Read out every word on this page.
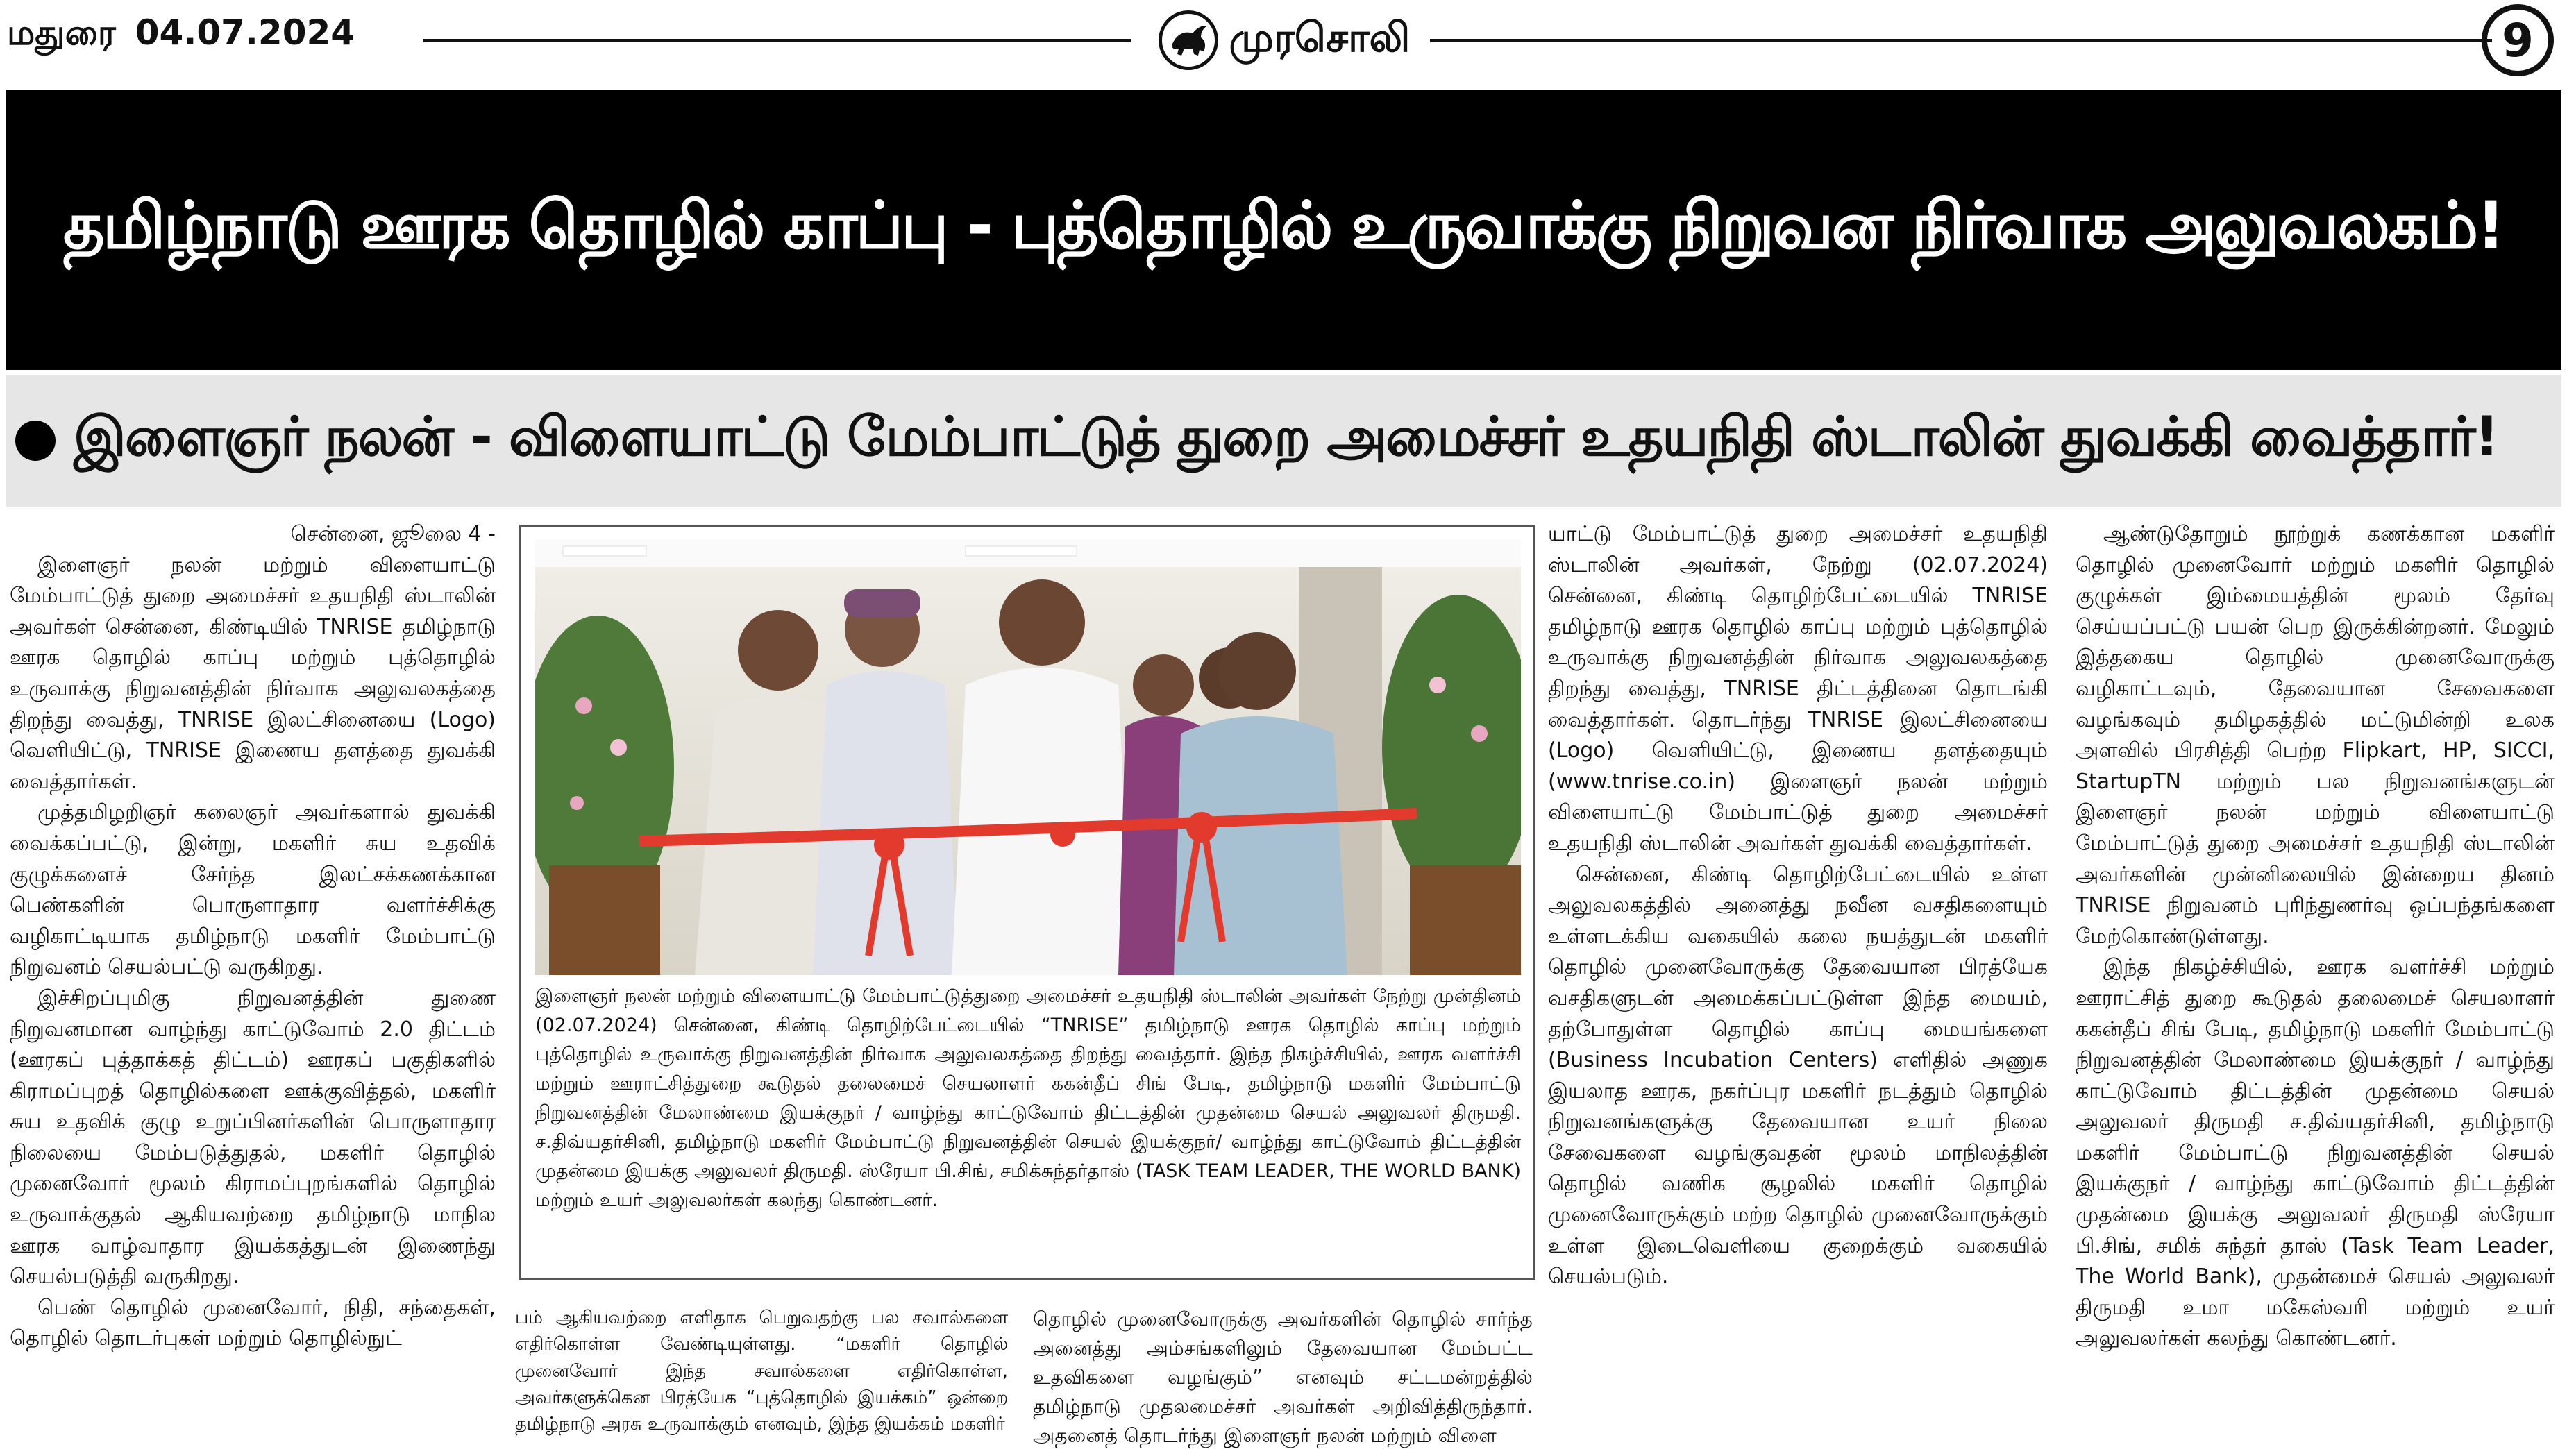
மதுரை 04.07.2024	முரசொலி	9
தமிழ்நாடு ஊரக தொழில் காப்பு - புத்தொழில் உருவாக்கு நிறுவன நிர்வாக அலுவலகம்!
இளைஞர் நலன் - விளையாட்டு மேம்பாட்டுத் துறை அமைச்சர் உதயநிதி ஸ்டாலின் துவக்கி வைத்தார்!

சென்னை, ஜூலை 4 -

இளைஞர் நலன் மற்றும் விளையாட்டு மேம்பாட்டுத் துறை அமைச்சர் உதயநிதி ஸ்டாலின் அவர்கள் சென்னை, கிண்டியில் TNRISE தமிழ்நாடு ஊரக தொழில் காப்பு மற்றும் புத்தொழில் உருவாக்கு நிறுவனத்தின் நிர்வாக அலுவலகத்தை திறந்து வைத்து, TNRISE இலட்சினையை (Logo) வெளியிட்டு, TNRISE இணைய தளத்தை துவக்கி வைத்தார்கள்.

முத்தமிழறிஞர் கலைஞர் அவர்களால் துவக்கி வைக்கப்பட்டு, இன்று, மகளிர் சுய உதவிக் குழுக்களைச் சேர்ந்த இலட்சக்கணக்கான பெண்களின் பொருளாதார வளர்ச்சிக்கு வழிகாட்டியாக தமிழ்நாடு மகளிர் மேம்பாட்டு நிறுவனம் செயல்பட்டு வருகிறது.

இச்சிறப்புமிகு நிறுவனத்தின் துணை நிறுவனமான வாழ்ந்து காட்டுவோம் 2.0 திட்டம் (ஊரகப் புத்தாக்கத் திட்டம்) ஊரகப் பகுதிகளில் கிராமப்புறத் தொழில்களை ஊக்குவித்தல், மகளிர் சுய உதவிக் குழு உறுப்பினர்களின் பொருளாதார நிலையை மேம்படுத்துதல், மகளிர் தொழில் முனைவோர் மூலம் கிராமப்புறங்களில் தொழில் உருவாக்குதல் ஆகியவற்றை தமிழ்நாடு மாநில ஊரக வாழ்வாதார இயக்கத்துடன் இணைந்து செயல்படுத்தி வருகிறது.

பெண் தொழில் முனைவோர், நிதி, சந்தைகள், தொழில் தொடர்புகள் மற்றும் தொழில்நுட்

இளைஞர் நலன் மற்றும் விளையாட்டு மேம்பாட்டுத்துறை அமைச்சர் உதயநிதி ஸ்டாலின் அவர்கள் நேற்று முன்தினம் (02.07.2024) சென்னை, கிண்டி தொழிற்பேட்டையில் “TNRISE” தமிழ்நாடு ஊரக தொழில் காப்பு மற்றும் புத்தொழில் உருவாக்கு நிறுவனத்தின் நிர்வாக அலுவலகத்தை திறந்து வைத்தார். இந்த நிகழ்ச்சியில், ஊரக வளர்ச்சி மற்றும் ஊராட்சித்துறை கூடுதல் தலைமைச் செயலாளர் ககன்தீப் சிங் பேடி, தமிழ்நாடு மகளிர் மேம்பாட்டு நிறுவனத்தின் மேலாண்மை இயக்குநர் / வாழ்ந்து காட்டுவோம் திட்டத்தின் முதன்மை செயல் அலுவலர் திருமதி. ச.திவ்யதர்சினி, தமிழ்நாடு மகளிர் மேம்பாட்டு நிறுவனத்தின் செயல் இயக்குநர்/ வாழ்ந்து காட்டுவோம் திட்டத்தின் முதன்மை இயக்கு அலுவலர் திருமதி. ஸ்ரேயா பி.சிங், சமிக்சுந்தர்தாஸ் (TASK TEAM LEADER, THE WORLD BANK) மற்றும் உயர் அலுவலர்கள் கலந்து கொண்டனர்.

பம் ஆகியவற்றை எளிதாக பெறுவதற்கு பல சவால்களை எதிர்கொள்ள வேண்டியுள்ளது. “மகளிர் தொழில் முனைவோர் இந்த சவால்களை எதிர்கொள்ள, அவர்களுக்கென பிரத்யேக “புத்தொழில் இயக்கம்” ஒன்றை தமிழ்நாடு அரசு உருவாக்கும் எனவும், இந்த இயக்கம் மகளிர்

தொழில் முனைவோருக்கு அவர்களின் தொழில் சார்ந்த அனைத்து அம்சங்களிலும் தேவையான மேம்பட்ட உதவிகளை வழங்கும்” எனவும் சட்டமன்றத்தில் தமிழ்நாடு முதலமைச்சர் அவர்கள் அறிவித்திருந்தார். அதனைத் தொடர்ந்து இளைஞர் நலன் மற்றும் விளை

யாட்டு மேம்பாட்டுத் துறை அமைச்சர் உதயநிதி ஸ்டாலின் அவர்கள், நேற்று (02.07.2024) சென்னை, கிண்டி தொழிற்பேட்டையில் TNRISE தமிழ்நாடு ஊரக தொழில் காப்பு மற்றும் புத்தொழில் உருவாக்கு நிறுவனத்தின் நிர்வாக அலுவலகத்தை திறந்து வைத்து, TNRISE திட்டத்தினை தொடங்கி வைத்தார்கள். தொடர்ந்து TNRISE இலட்சினையை (Logo) வெளியிட்டு, இணைய தளத்தையும் (www.tnrise.co.in) இளைஞர் நலன் மற்றும் விளையாட்டு மேம்பாட்டுத் துறை அமைச்சர் உதயநிதி ஸ்டாலின் அவர்கள் துவக்கி வைத்தார்கள்.

சென்னை, கிண்டி தொழிற்பேட்டையில் உள்ள அலுவலகத்தில் அனைத்து நவீன வசதிகளையும் உள்ளடக்கிய வகையில் கலை நயத்துடன் மகளிர் தொழில் முனைவோருக்கு தேவையான பிரத்யேக வசதிகளுடன் அமைக்கப்பட்டுள்ள இந்த மையம், தற்போதுள்ள தொழில் காப்பு மையங்களை (Business Incubation Centers) எளிதில் அணுக இயலாத ஊரக, நகர்ப்புர மகளிர் நடத்தும் தொழில் நிறுவனங்களுக்கு தேவையான உயர் நிலை சேவைகளை வழங்குவதன் மூலம் மாநிலத்தின் தொழில் வணிக சூழலில் மகளிர் தொழில் முனைவோருக்கும் மற்ற தொழில் முனைவோருக்கும் உள்ள இடைவெளியை குறைக்கும் வகையில் செயல்படும்.

ஆண்டுதோறும் நூற்றுக் கணக்கான மகளிர் தொழில் முனைவோர் மற்றும் மகளிர் தொழில் குழுக்கள் இம்மையத்தின் மூலம் தேர்வு செய்யப்பட்டு பயன் பெற இருக்கின்றனர். மேலும் இத்தகைய தொழில் முனைவோருக்கு வழிகாட்டவும், தேவையான சேவைகளை வழங்கவும் தமிழகத்தில் மட்டுமின்றி உலக அளவில் பிரசித்தி பெற்ற Flipkart, HP, SICCI, StartupTN மற்றும் பல நிறுவனங்களுடன் இளைஞர் நலன் மற்றும் விளையாட்டு மேம்பாட்டுத் துறை அமைச்சர் உதயநிதி ஸ்டாலின் அவர்களின் முன்னிலையில் இன்றைய தினம் TNRISE நிறுவனம் புரிந்துணர்வு ஒப்பந்தங்களை மேற்கொண்டுள்ளது.

இந்த நிகழ்ச்சியில், ஊரக வளர்ச்சி மற்றும் ஊராட்சித் துறை கூடுதல் தலைமைச் செயலாளர் ககன்தீப் சிங் பேடி, தமிழ்நாடு மகளிர் மேம்பாட்டு நிறுவனத்தின் மேலாண்மை இயக்குநர் / வாழ்ந்து காட்டுவோம் திட்டத்தின் முதன்மை செயல் அலுவலர் திருமதி ச.திவ்யதர்சினி, தமிழ்நாடு மகளிர் மேம்பாட்டு நிறுவனத்தின் செயல் இயக்குநர் / வாழ்ந்து காட்டுவோம் திட்டத்தின் முதன்மை இயக்கு அலுவலர் திருமதி ஸ்ரேயா பி.சிங், சமிக் சுந்தர் தாஸ் (Task Team Leader, The World Bank), முதன்மைச் செயல் அலுவலர் திருமதி உமா மகேஸ்வரி மற்றும் உயர் அலுவலர்கள் கலந்து கொண்டனர்.
